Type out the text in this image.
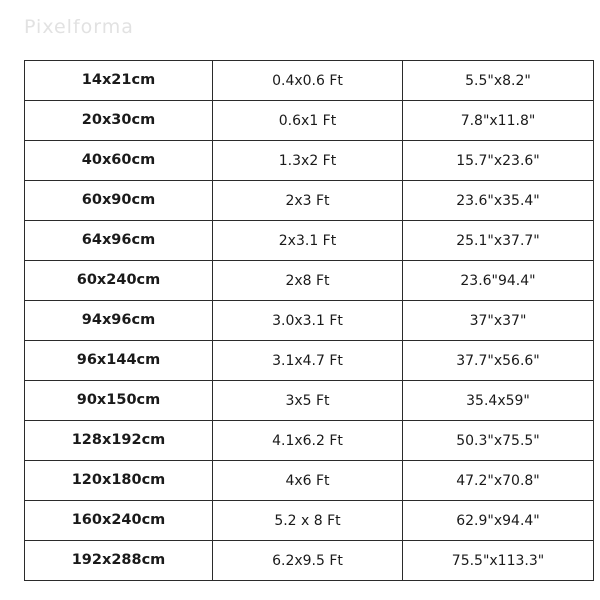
Pixelforma
14x21cm	0.4x0.6 Ft	5.5"x8.2"
20x30cm	0.6x1 Ft	7.8"x11.8"
40x60cm	1.3x2 Ft	15.7"x23.6"
60x90cm	2x3 Ft	23.6"x35.4"
64x96cm	2x3.1 Ft	25.1"x37.7"
60x240cm	2x8 Ft	23.6"94.4"
94x96cm	3.0x3.1 Ft	37"x37"
96x144cm	3.1x4.7 Ft	37.7"x56.6"
90x150cm	3x5 Ft	35.4x59"
128x192cm	4.1x6.2 Ft	50.3"x75.5"
120x180cm	4x6 Ft	47.2"x70.8"
160x240cm	5.2 x 8 Ft	62.9"x94.4"
192x288cm	6.2x9.5 Ft	75.5"x113.3"
